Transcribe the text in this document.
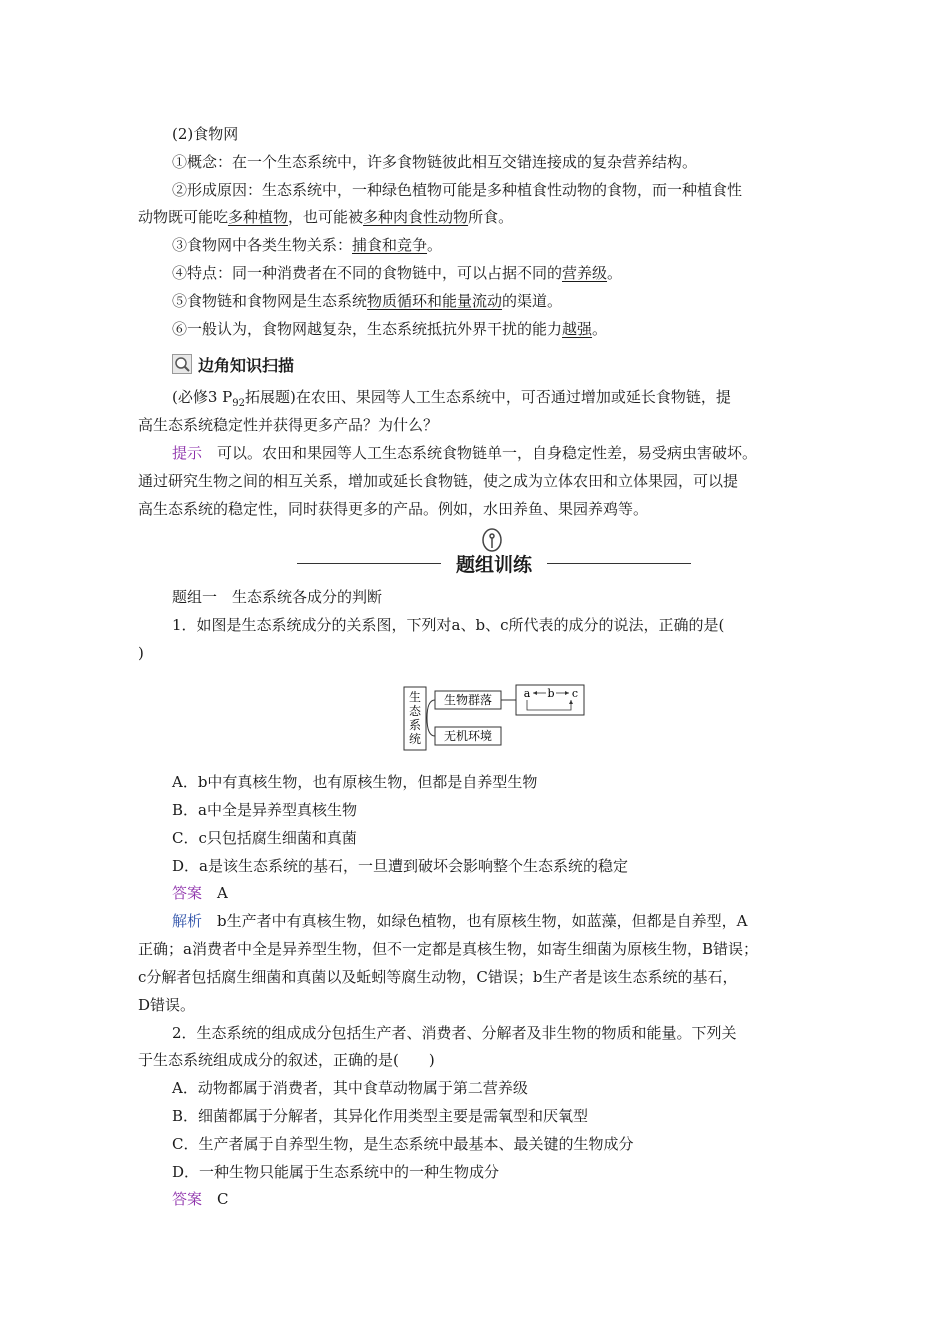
(2)食物网
①概念：在一个生态系统中，许多食物链彼此相互交错连接成的复杂营养结构。
②形成原因：生态系统中，一种绿色植物可能是多种植食性动物的食物，而一种植食性
动物既可能吃多种植物，也可能被多种肉食性动物所食。
③食物网中各类生物关系：捕食和竞争。
④特点：同一种消费者在不同的食物链中，可以占据不同的营养级。
⑤食物链和食物网是生态系统物质循环和能量流动的渠道。
⑥一般认为，食物网越复杂，生态系统抵抗外界干扰的能力越强。
边角知识扫描
(必修3 $P_{92}$拓展题)在农田、果园等人工生态系统中，可否通过增加或延长食物链，提
高生态系统稳定性并获得更多产品？为什么？
提示　可以。农田和果园等人工生态系统食物链单一，自身稳定性差，易受病虫害破坏。
通过研究生物之间的相互关系，增加或延长食物链，使之成为立体农田和立体果园，可以提
高生态系统的稳定性，同时获得更多的产品。例如，水田养鱼、果园养鸡等。
题组训练
题组一　生态系统各成分的判断
1．如图是生态系统成分的关系图，下列对a、b、c所代表的成分的说法，正确的是(
)
生
态
系
统
生物群落
无机环境
a b c
A．b中有真核生物，也有原核生物，但都是自养型生物
B．a中全是异养型真核生物
C．c只包括腐生细菌和真菌
D．a是该生态系统的基石，一旦遭到破坏会影响整个生态系统的稳定
答案　A
解析　b生产者中有真核生物，如绿色植物，也有原核生物，如蓝藻，但都是自养型，A
正确；a消费者中全是异养型生物，但不一定都是真核生物，如寄生细菌为原核生物，B错误；
c分解者包括腐生细菌和真菌以及蚯蚓等腐生动物，C错误；b生产者是该生态系统的基石，
D错误。
2．生态系统的组成成分包括生产者、消费者、分解者及非生物的物质和能量。下列关
于生态系统组成成分的叙述，正确的是(　　)
A．动物都属于消费者，其中食草动物属于第二营养级
B．细菌都属于分解者，其异化作用类型主要是需氧型和厌氧型
C．生产者属于自养型生物，是生态系统中最基本、最关键的生物成分
D．一种生物只能属于生态系统中的一种生物成分
答案　C
